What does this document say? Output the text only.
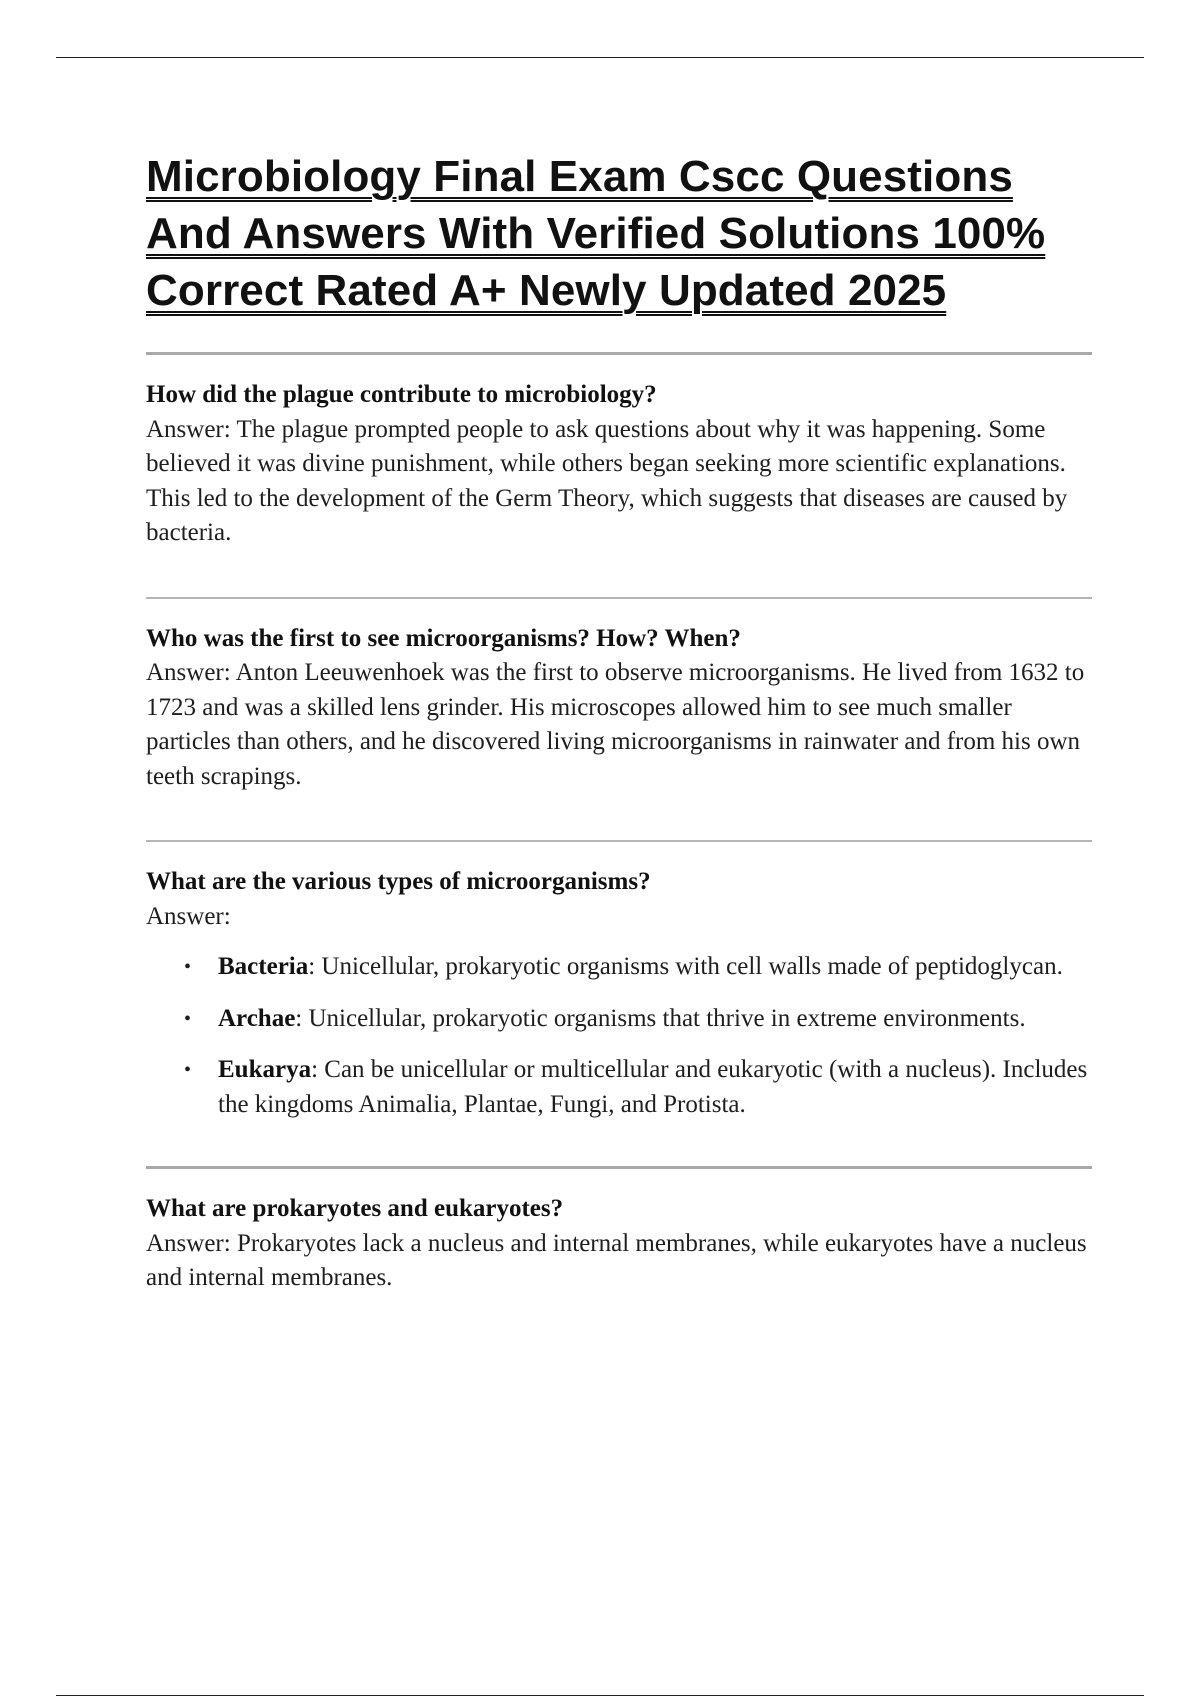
Microbiology Final Exam Cscc Questions And Answers With Verified Solutions 100% Correct Rated A+ Newly Updated 2025

How did the plague contribute to microbiology?

Answer: The plague prompted people to ask questions about why it was happening. Some believed it was divine punishment, while others began seeking more scientific explanations. This led to the development of the Germ Theory, which suggests that diseases are caused by bacteria.

Who was the first to see microorganisms? How? When?

Answer: Anton Leeuwenhoek was the first to observe microorganisms. He lived from 1632 to 1723 and was a skilled lens grinder. His microscopes allowed him to see much smaller particles than others, and he discovered living microorganisms in rainwater and from his own teeth scrapings.

What are the various types of microorganisms?

Answer:

• Bacteria: Unicellular, prokaryotic organisms with cell walls made of peptidoglycan.
• Archae: Unicellular, prokaryotic organisms that thrive in extreme environments.
• Eukarya: Can be unicellular or multicellular and eukaryotic (with a nucleus). Includes the kingdoms Animalia, Plantae, Fungi, and Protista.

What are prokaryotes and eukaryotes?

Answer: Prokaryotes lack a nucleus and internal membranes, while eukaryotes have a nucleus and internal membranes.
